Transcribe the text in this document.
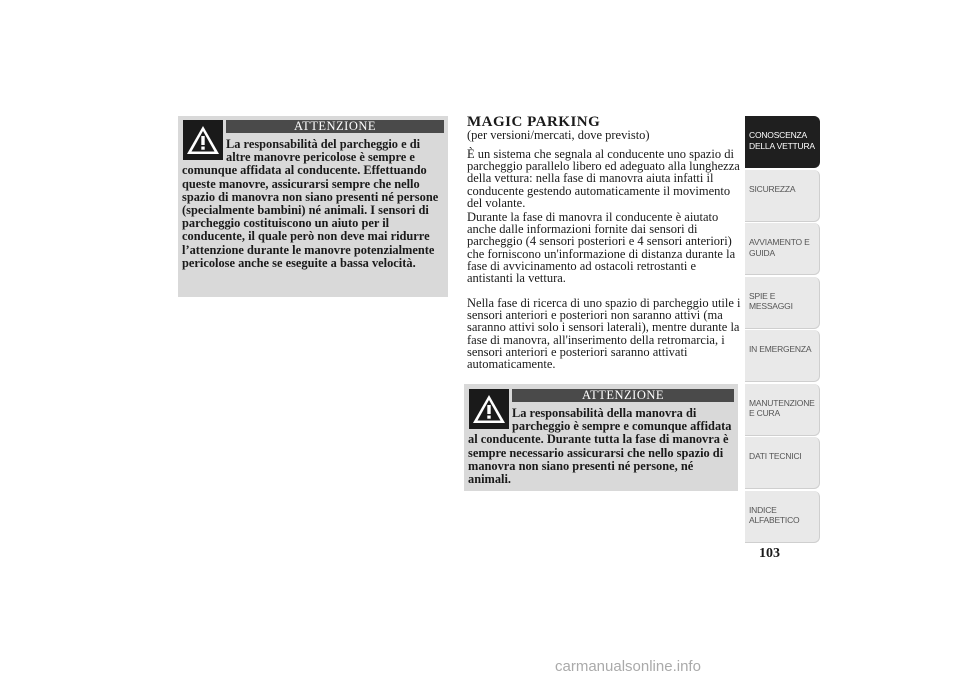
ATTENZIONE

La responsabilità del parcheggio e di altre manovre pericolose è sempre e comunque affidata al conducente. Effettuando queste manovre, assicurarsi sempre che nello spazio di manovra non siano presenti né persone (specialmente bambini) né animali. I sensori di parcheggio costituiscono un aiuto per il conducente, il quale però non deve mai ridurre l’attenzione durante le manovre potenzialmente pericolose anche se eseguite a bassa velocità.

MAGIC PARKING

(per versioni/mercati, dove previsto)

È un sistema che segnala al conducente uno spazio di parcheggio parallelo libero ed adeguato alla lunghezza della vettura: nella fase di manovra aiuta infatti il conducente gestendo automaticamente il movimento del volante.

Durante la fase di manovra il conducente è aiutato anche dalle informazioni fornite dai sensori di parcheggio (4 sensori posteriori e 4 sensori anteriori) che forniscono un'informazione di distanza durante la fase di avvicinamento ad ostacoli retrostanti e antistanti la vettura.

Nella fase di ricerca di uno spazio di parcheggio utile i sensori anteriori e posteriori non saranno attivi (ma saranno attivi solo i sensori laterali), mentre durante la fase di manovra, all'inserimento della retromarcia, i sensori anteriori e posteriori saranno attivati automaticamente.

ATTENZIONE

La responsabilità della manovra di parcheggio è sempre e comunque affidata al conducente. Durante tutta la fase di manovra è sempre necessario assicurarsi che nello spazio di manovra non siano presenti né persone, né animali.

CONOSCENZA DELLA VETTURA
SICUREZZA
AVVIAMENTO E GUIDA
SPIE E MESSAGGI
IN EMERGENZA
MANUTENZIONE E CURA
DATI TECNICI
INDICE ALFABETICO

103

carmanualsonline.info
